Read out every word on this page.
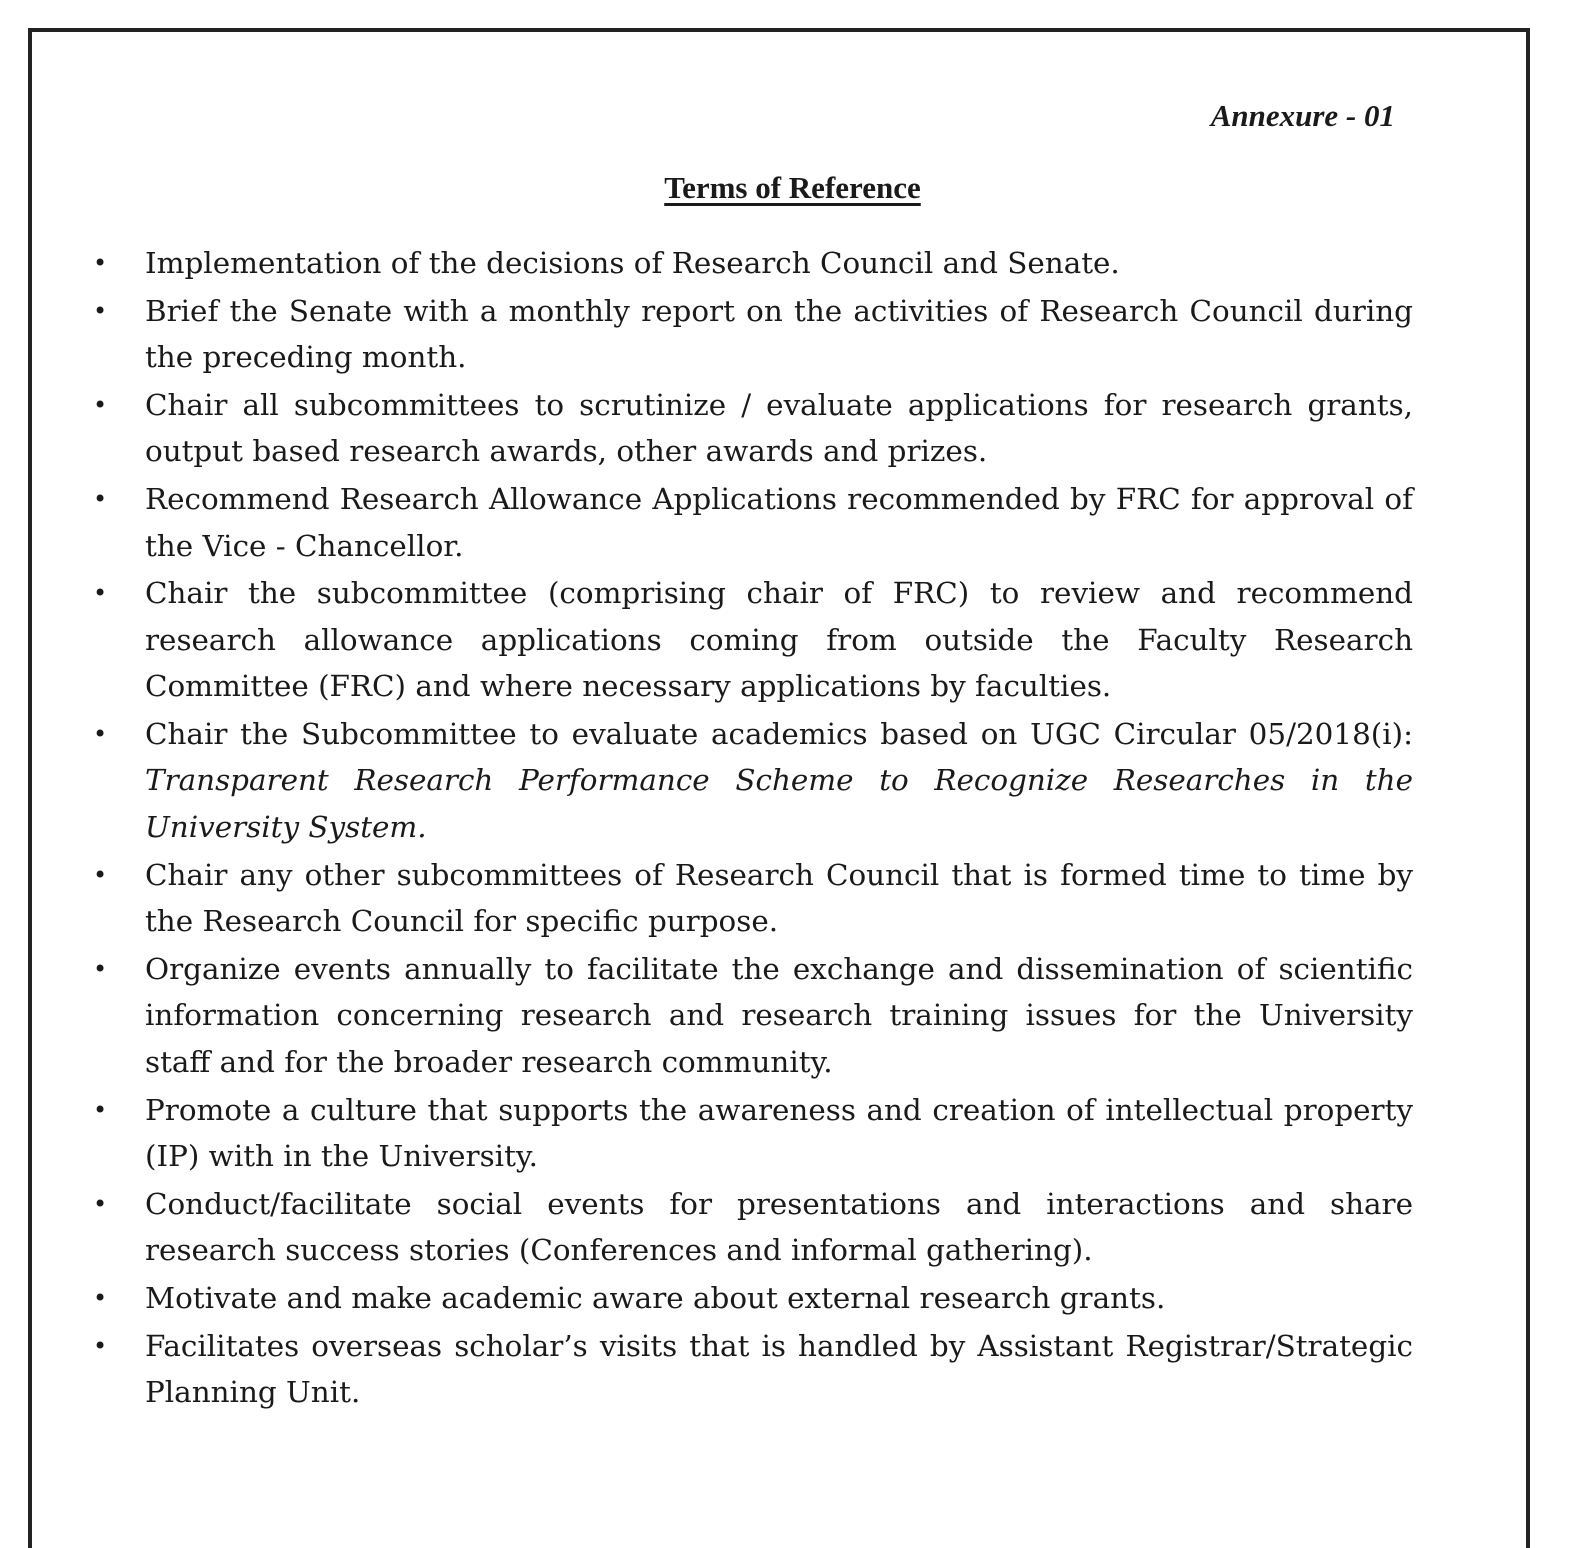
Annexure - 01
Terms of Reference
• Implementation of the decisions of Research Council and Senate.
• Brief the Senate with a monthly report on the activities of Research Council during the preceding month.
• Chair all subcommittees to scrutinize / evaluate applications for research grants, output based research awards, other awards and prizes.
• Recommend Research Allowance Applications recommended by FRC for approval of the Vice - Chancellor.
• Chair the subcommittee (comprising chair of FRC) to review and recommend research allowance applications coming from outside the Faculty Research Committee (FRC) and where necessary applications by faculties.
• Chair the Subcommittee to evaluate academics based on UGC Circular 05/2018(i): Transparent Research Performance Scheme to Recognize Researches in the University System.
• Chair any other subcommittees of Research Council that is formed time to time by the Research Council for specific purpose.
• Organize events annually to facilitate the exchange and dissemination of scientific information concerning research and research training issues for the University staff and for the broader research community.
• Promote a culture that supports the awareness and creation of intellectual property (IP) with in the University.
• Conduct/facilitate social events for presentations and interactions and share research success stories (Conferences and informal gathering).
• Motivate and make academic aware about external research grants.
• Facilitates overseas scholar’s visits that is handled by Assistant Registrar/Strategic Planning Unit.
